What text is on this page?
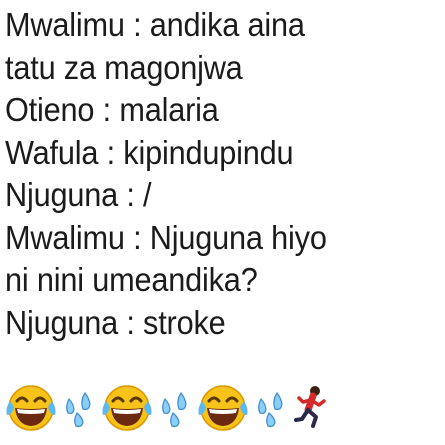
Mwalimu : andika aina
tatu za magonjwa
Otieno : malaria
Wafula : kipindupindu
Njuguna : /
Mwalimu : Njuguna hiyo
ni nini umeandika?
Njuguna : stroke
